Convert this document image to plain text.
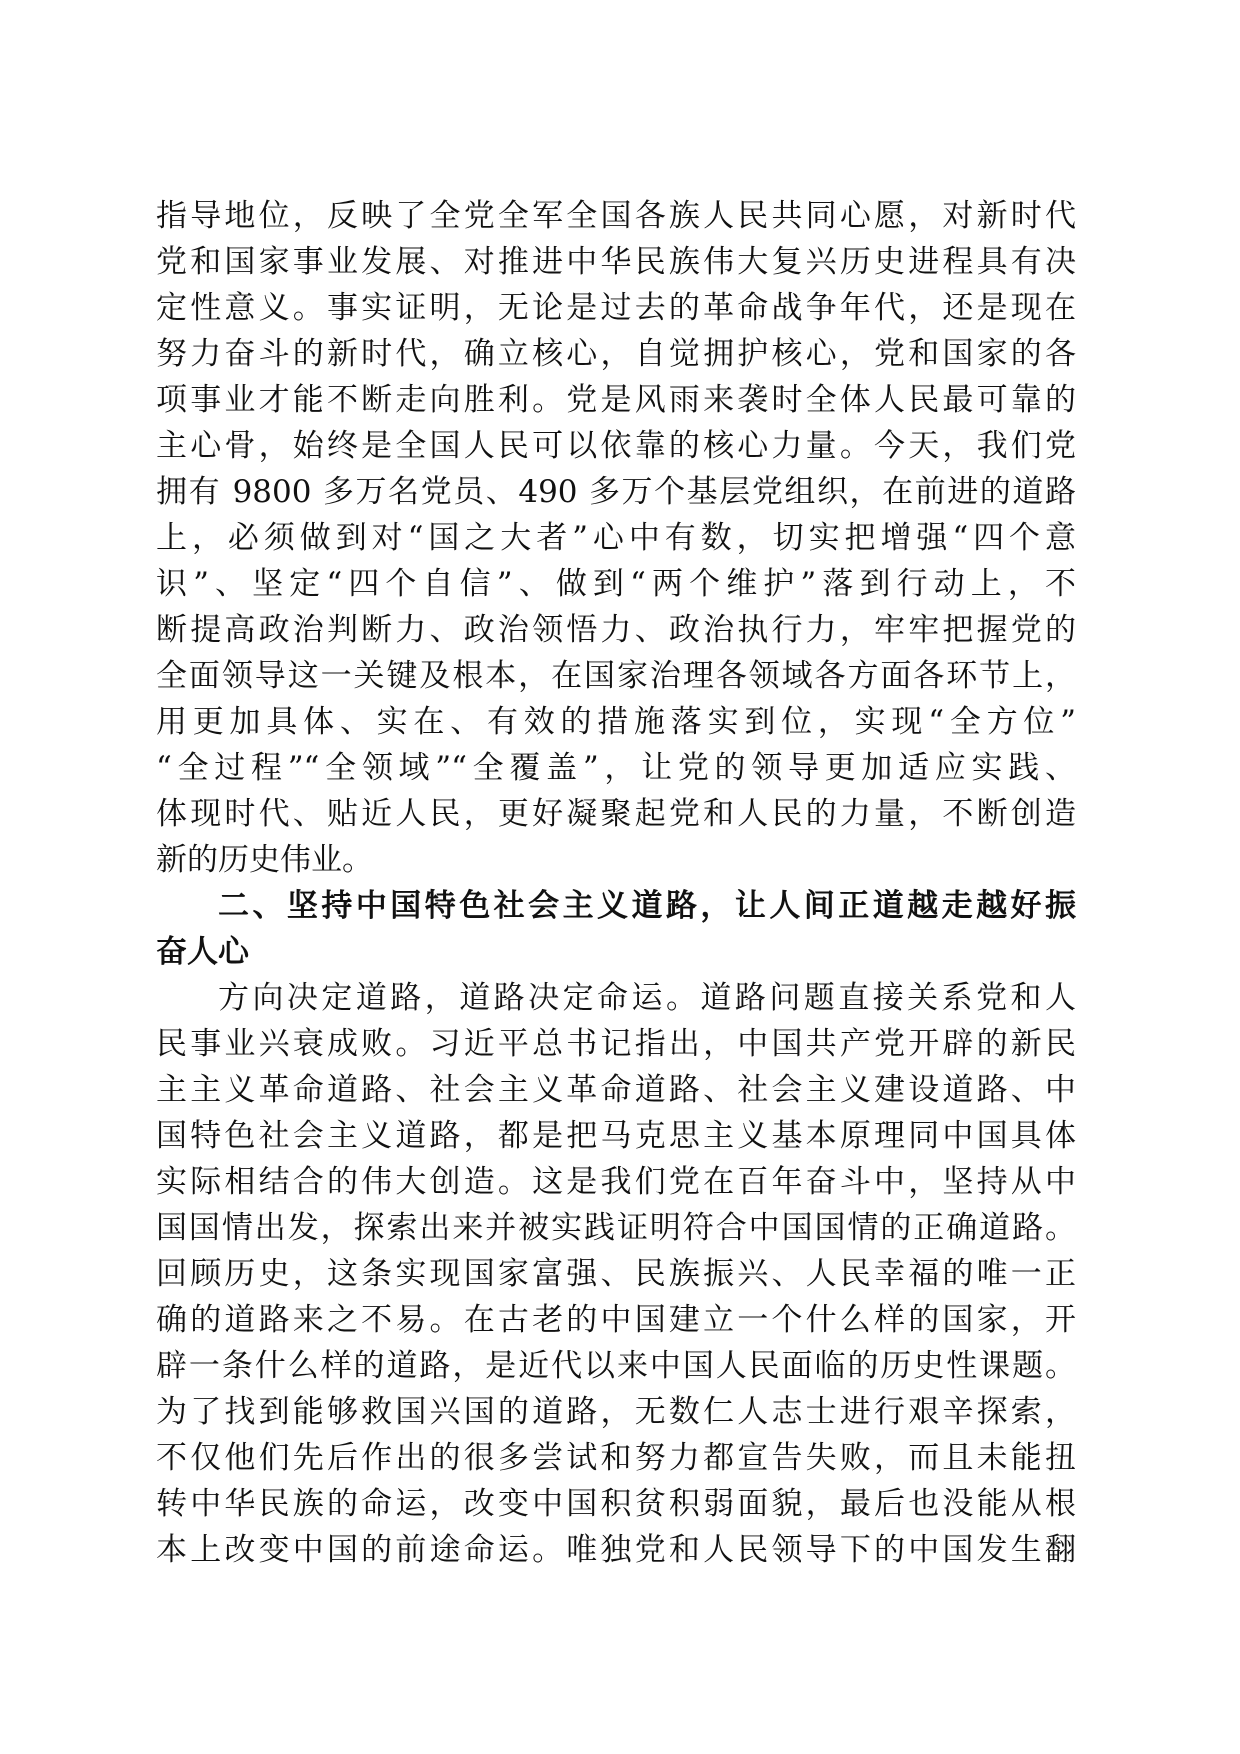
指导地位，反映了全党全军全国各族人民共同心愿，对新时代
党和国家事业发展、对推进中华民族伟大复兴历史进程具有决
定性意义。事实证明，无论是过去的革命战争年代，还是现在
努力奋斗的新时代，确立核心，自觉拥护核心，党和国家的各
项事业才能不断走向胜利。党是风雨来袭时全体人民最可靠的
主心骨，始终是全国人民可以依靠的核心力量。今天，我们党
拥有 9800 多万名党员、490 多万个基层党组织，在前进的道路
上，必须做到对“国之大者”心中有数，切实把增强“四个意
识”、坚定“四个自信”、做到“两个维护”落到行动上，不
断提高政治判断力、政治领悟力、政治执行力，牢牢把握党的
全面领导这一关键及根本，在国家治理各领域各方面各环节上，
用更加具体、实在、有效的措施落实到位，实现“全方位”
“全过程”“全领域”“全覆盖”，让党的领导更加适应实践、
体现时代、贴近人民，更好凝聚起党和人民的力量，不断创造
新的历史伟业。
二、坚持中国特色社会主义道路，让人间正道越走越好振
奋人心
方向决定道路，道路决定命运。道路问题直接关系党和人
民事业兴衰成败。习近平总书记指出，中国共产党开辟的新民
主主义革命道路、社会主义革命道路、社会主义建设道路、中
国特色社会主义道路，都是把马克思主义基本原理同中国具体
实际相结合的伟大创造。这是我们党在百年奋斗中，坚持从中
国国情出发，探索出来并被实践证明符合中国国情的正确道路。
回顾历史，这条实现国家富强、民族振兴、人民幸福的唯一正
确的道路来之不易。在古老的中国建立一个什么样的国家，开
辟一条什么样的道路，是近代以来中国人民面临的历史性课题。
为了找到能够救国兴国的道路，无数仁人志士进行艰辛探索，
不仅他们先后作出的很多尝试和努力都宣告失败，而且未能扭
转中华民族的命运，改变中国积贫积弱面貌，最后也没能从根
本上改变中国的前途命运。唯独党和人民领导下的中国发生翻
